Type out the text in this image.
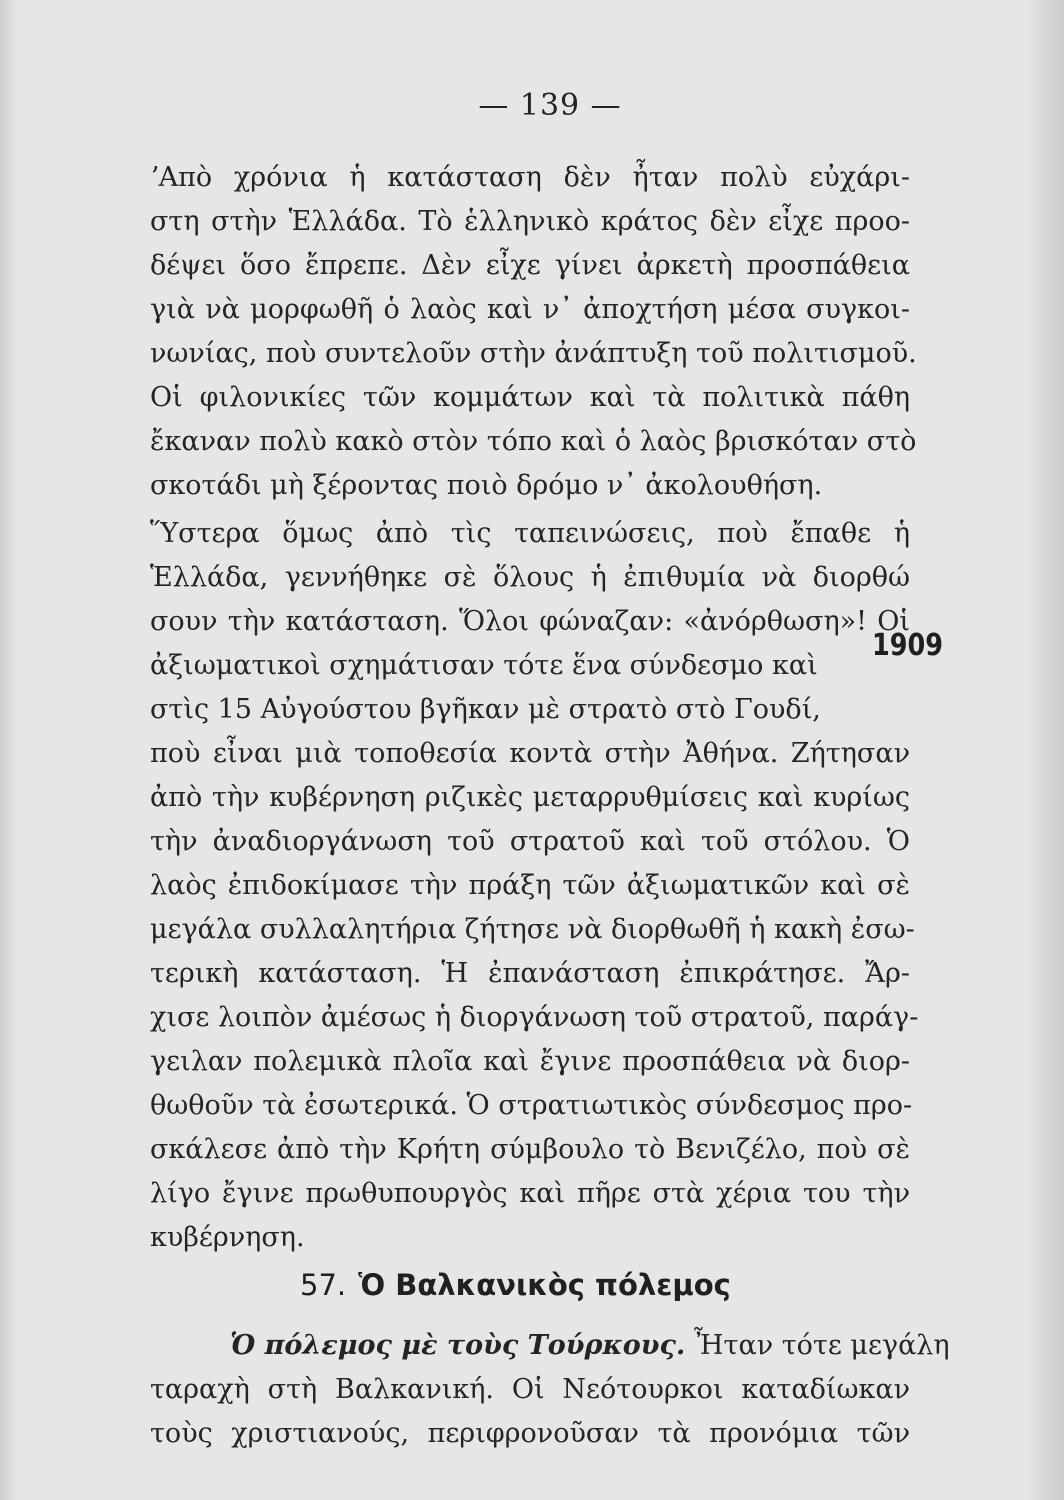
— 139 —
ʼΑπὸ χρόνια ἡ κατάσταση δὲν ἦταν πολὺ εὐχάρι-
στη στὴν Ἑλλάδα. Τὸ ἑλληνικὸ κράτος δὲν εἶχε προο-
δέψει ὅσο ἔπρεπε. Δὲν εἶχε γίνει ἀρκετὴ προσπάθεια
γιὰ νὰ μορφωθῆ ὁ λαὸς καὶ ν᾿ ἀποχτήση μέσα συγκοι-
νωνίας, ποὺ συντελοῦν στὴν ἀνάπτυξη τοῦ πολιτισμοῦ.
Οἱ φιλονικίες τῶν κομμάτων καὶ τὰ πολιτικὰ πάθη
ἔκαναν πολὺ κακὸ στὸν τόπο καὶ ὁ λαὸς βρισκόταν στὸ
σκοτάδι μὴ ξέροντας ποιὸ δρόμο ν᾿ ἀκολουθήση.
Ὕστερα ὅμως ἀπὸ τὶς ταπεινώσεις, ποὺ ἔπαθε ἡ
Ἑλλάδα, γεννήθηκε σὲ ὅλους ἡ ἐπιθυμία νὰ διορθώ
σουν τὴν κατάσταση. Ὅλοι φώναζαν: «ἀνόρθωση»! Οἱ
ἀξιωματικοὶ σχημάτισαν τότε ἕνα σύνδεσμο καὶ
1909
στὶς 15 Αὐγούστου βγῆκαν μὲ στρατὸ στὸ Γουδί,
ποὺ εἶναι μιὰ τοποθεσία κοντὰ στὴν Ἀθήνα. Ζήτησαν
ἀπὸ τὴν κυβέρνηση ριζικὲς μεταρρυθμίσεις καὶ κυρίως
τὴν ἀναδιοργάνωση τοῦ στρατοῦ καὶ τοῦ στόλου. Ὁ
λαὸς ἐπιδοκίμασε τὴν πράξη τῶν ἀξιωματικῶν καὶ σὲ
μεγάλα συλλαλητήρια ζήτησε νὰ διορθωθῆ ἡ κακὴ ἐσω-
τερικὴ κατάσταση. Ἡ ἐπανάσταση ἐπικράτησε. Ἄρ-
χισε λοιπὸν ἀμέσως ἡ διοργάνωση τοῦ στρατοῦ, παράγ-
γειλαν πολεμικὰ πλοῖα καὶ ἔγινε προσπάθεια νὰ διορ-
θωθοῦν τὰ ἐσωτερικά. Ὁ στρατιωτικὸς σύνδεσμος προ-
σκάλεσε ἀπὸ τὴν Κρήτη σύμβουλο τὸ Βενιζέλο, ποὺ σὲ
λίγο ἔγινε πρωθυπουργὸς καὶ πῆρε στὰ χέρια του τὴν
κυβέρνηση.
57. Ὁ Βαλκανικὸς πόλεμος
Ὁ πόλεμος μὲ τοὺς Τούρκους. Ἦταν τότε μεγάλη
ταραχὴ στὴ Βαλκανική. Οἱ Νεότουρκοι καταδίωκαν
τοὺς χριστιανούς, περιφρονοῦσαν τὰ προνόμια τῶν
